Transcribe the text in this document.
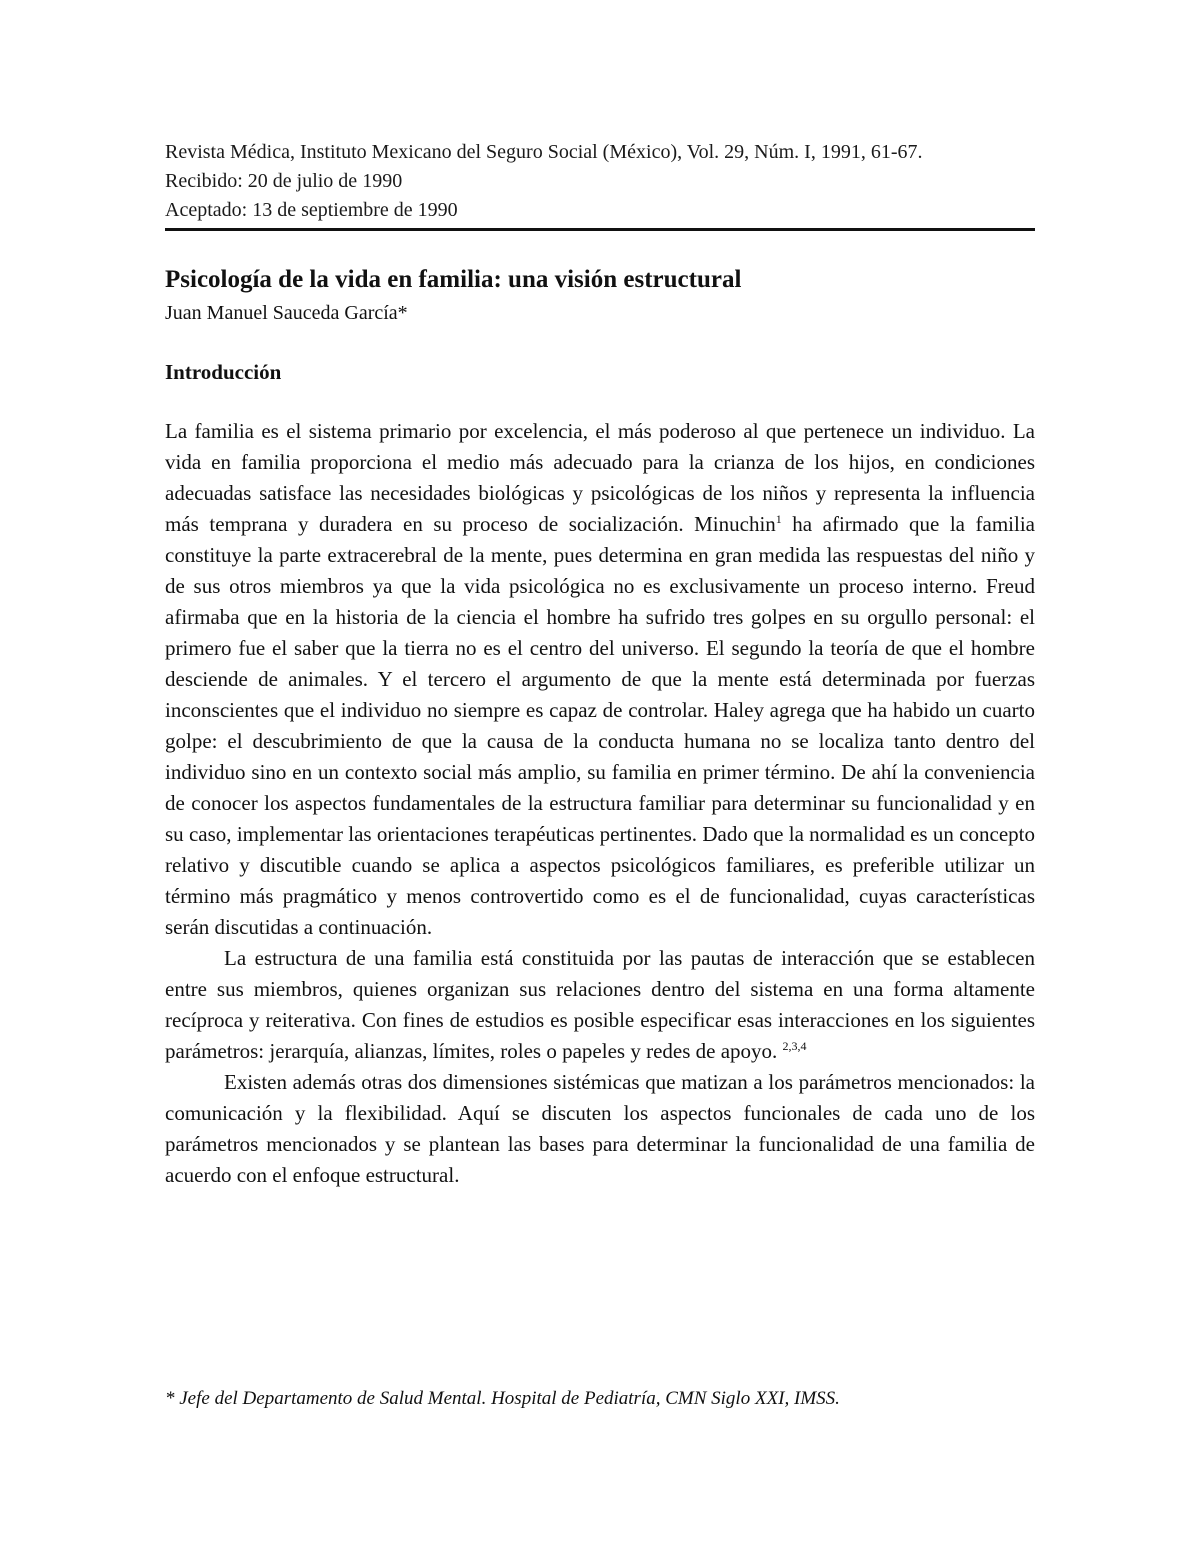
Revista Médica, Instituto Mexicano del Seguro Social (México), Vol. 29, Núm. I, 1991, 61-67.
Recibido: 20 de julio de 1990
Aceptado: 13 de septiembre de 1990
Psicología de la vida en familia: una visión estructural
Juan Manuel Sauceda García*
Introducción

La familia es el sistema primario por excelencia, el más poderoso al que pertenece un individuo. La vida en familia proporciona el medio más adecuado para la crianza de los hijos, en condiciones adecuadas satisface las necesidades biológicas y psicológicas de los niños y representa la influencia más temprana y duradera en su proceso de socialización. Minuchin$^1$ ha afirmado que la familia constituye la parte extracerebral de la mente, pues determina en gran medida las respuestas del niño y de sus otros miembros ya que la vida psicológica no es exclusivamente un proceso interno. Freud afirmaba que en la historia de la ciencia el hombre ha sufrido tres golpes en su orgullo personal: el primero fue el saber que la tierra no es el centro del universo. El segundo la teoría de que el hombre desciende de animales. Y el tercero el argumento de que la mente está determinada por fuerzas inconscientes que el individuo no siempre es capaz de controlar. Haley agrega que ha habido un cuarto golpe: el descubrimiento de que la causa de la conducta humana no se localiza tanto dentro del individuo sino en un contexto social más amplio, su familia en primer término. De ahí la conveniencia de conocer los aspectos fundamentales de la estructura familiar para determinar su funcionalidad y en su caso, implementar las orientaciones terapéuticas pertinentes. Dado que la normalidad es un concepto relativo y discutible cuando se aplica a aspectos psicológicos familiares, es preferible utilizar un término más pragmático y menos controvertido como es el de funcionalidad, cuyas características serán discutidas a continuación.

La estructura de una familia está constituida por las pautas de interacción que se establecen entre sus miembros, quienes organizan sus relaciones dentro del sistema en una forma altamente recíproca y reiterativa. Con fines de estudios es posible especificar esas interacciones en los siguientes parámetros: jerarquía, alianzas, límites, roles o papeles y redes de apoyo. $^{2,3,4}$

Existen además otras dos dimensiones sistémicas que matizan a los parámetros mencionados: la comunicación y la flexibilidad. Aquí se discuten los aspectos funcionales de cada uno de los parámetros mencionados y se plantean las bases para determinar la funcionalidad de una familia de acuerdo con el enfoque estructural.

* Jefe del Departamento de Salud Mental. Hospital de Pediatría, CMN Siglo XXI, IMSS.
